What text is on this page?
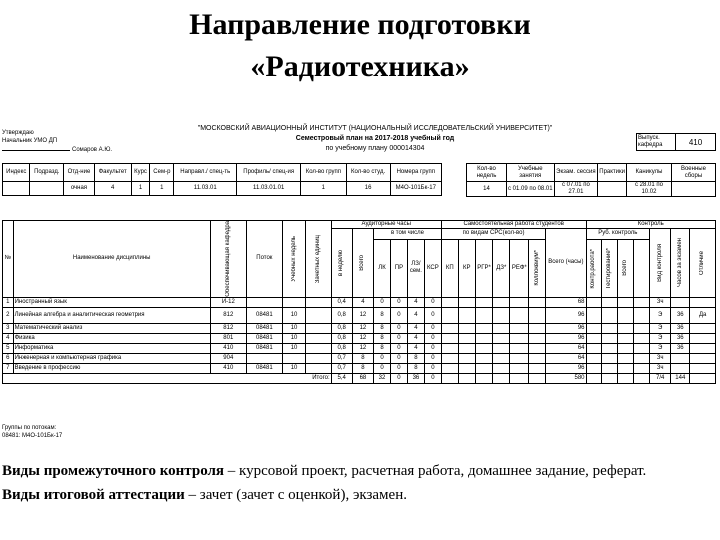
Направление подготовки
«Радиотехника»
Утверждаю
Начальник УМО ДП
Сомаров А.Ю.
"МОСКОВСКИЙ АВИАЦИОННЫЙ ИНСТИТУТ (НАЦИОНАЛЬНЫЙ ИССЛЕДОВАТЕЛЬСКИЙ УНИВЕРСИТЕТ)"
Семестровый план на 2017-2018 учебный год
по учебному плану 000014304
Выпуск. кафедра	410
Индекс	Подразд.	Отд-ние	Факультет	Курс	Сем-р	Направл./ спец-ть	Профиль/ спец-ия	Кол-во групп	Кол-во студ.	Номера групп
		очная	4	1	1	11.03.01	11.03.01.01	1	16	М4О-101Бк-17
Кол-во недель	Учебные занятия	Экзам. сессия	Практики	Каникулы	Военные сборы
14	с 01.09 по 08.01	с 07.01 по 27.01		с 28.01 по 10.02	
№	Наименование дисциплины	Обеспечивающая кафедра	Поток	Учебных недель	Зачетных единиц	Аудиторные часы						Самостоятельная работа студентов							Контроль						

						в неделю	Всего	в том числе				по видам СРС(кол-во)						Всего (часы)	Руб. контроль				Вид контроля	Часов за экзамен	Отличие

								ЛК	ПР	ЛЗ/ сем.	КСР	КП	КР	РГР*	ДЗ*	РЕФ*	Коллоквиум*		Контр.работа*	Тестирование*	Всего				

1	Иностранный язык	И-12				0,4	4	0	0	4	0							68					Зч		
2	Линейная алгебра и аналитическая геометрия	812	08481	10		0,8	12	8	0	4	0							96					Э	36	Да
3	Математический анализ	812	08481	10		0,8	12	8	0	4	0							96					Э	36	
4	Физика	801	08481	10		0,8	12	8	0	4	0							96					Э	36	
5	Информатика	410	08481	10		0,8	12	8	0	4	0							64					Э	36	
6	Инженерная и компьютерная графика	904				0,7	8	0	0	8	0							64					Зч		
7	Введение в профессию	410	08481	10		0,7	8	0	0	8	0							96					Зч		
Итого:						5,4	68	32	0	36	0							580					7/4	144	
Группы по потокам:
08481: М4О-101Бк-17
Виды промежуточного контроля – курсовой проект, расчетная работа, домашнее задание, реферат.
Виды итоговой аттестации – зачет (зачет с оценкой), экзамен.
